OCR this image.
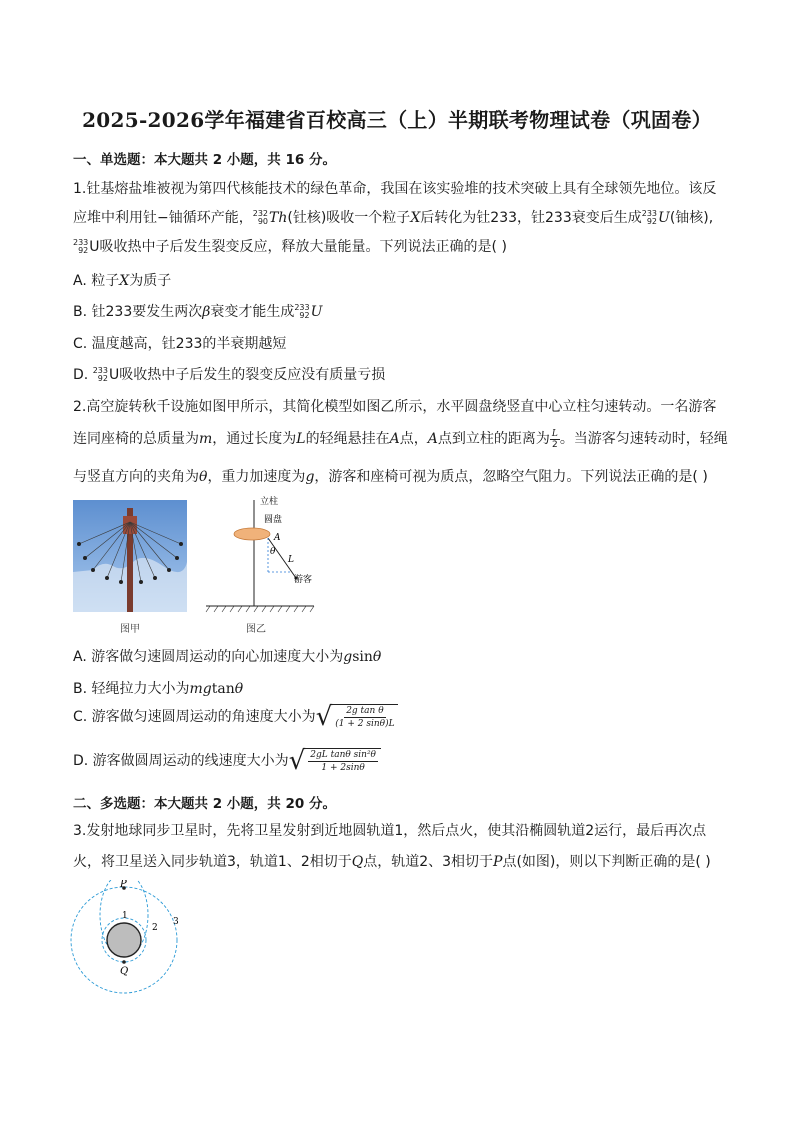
2025-2026学年福建省百校高三（上）半期联考物理试卷（巩固卷）
一、单选题：本大题共 2 小题，共 16 分。
1.钍基熔盐堆被视为第四代核能技术的绿色革命，我国在该实验堆的技术突破上具有全球领先地位。该反
应堆中利用钍−铀循环产能， 232
90 Th(钍核)吸收一个粒子X后转化为钍233，钍233衰变后生成 233
92 U(铀核),
233
92 U吸收热中子后发生裂变反应，释放大量能量。下列说法正确的是( )
A. 粒子X为质子
B. 钍233要发生两次β衰变才能生成 233
92 U
C. 温度越高，钍233的半衰期越短
D. 233
92 U吸收热中子后发生的裂变反应没有质量亏损
2.高空旋转秋千设施如图甲所示，其简化模型如图乙所示，水平圆盘绕竖直中心立柱匀速转动。一名游客
连同座椅的总质量为m，通过长度为L的轻绳悬挂在A点，A点到立柱的距离为 $\frac{L}{2}$ 。当游客匀速转动时，轻绳
与竖直方向的夹角为θ，重力加速度为g，游客和座椅可视为质点，忽略空气阻力。下列说法正确的是( )
图甲
立柱
圆盘
A
θ
L
游客
图乙
A. 游客做匀速圆周运动的向心加速度大小为gsinθ
B. 轻绳拉力大小为mgtanθ
C. 游客做匀速圆周运动的角速度大小为 √ $\frac{\text{2g tan θ}}{(1 + 2 \sin\theta)L}$
D. 游客做圆周运动的线速度大小为 √ $\frac{\text{2gL tanθ sin²θ}}{1 + 2\sin\theta}$
二、多选题：本大题共 2 小题，共 20 分。
3.发射地球同步卫星时，先将卫星发射到近地圆轨道1，然后点火，使其沿椭圆轨道2运行，最后再次点
火，将卫星送入同步轨道3，轨道1、2相切于Q点，轨道2、3相切于P点(如图)，则以下判断正确的是( )
P
Q
1
2
3
